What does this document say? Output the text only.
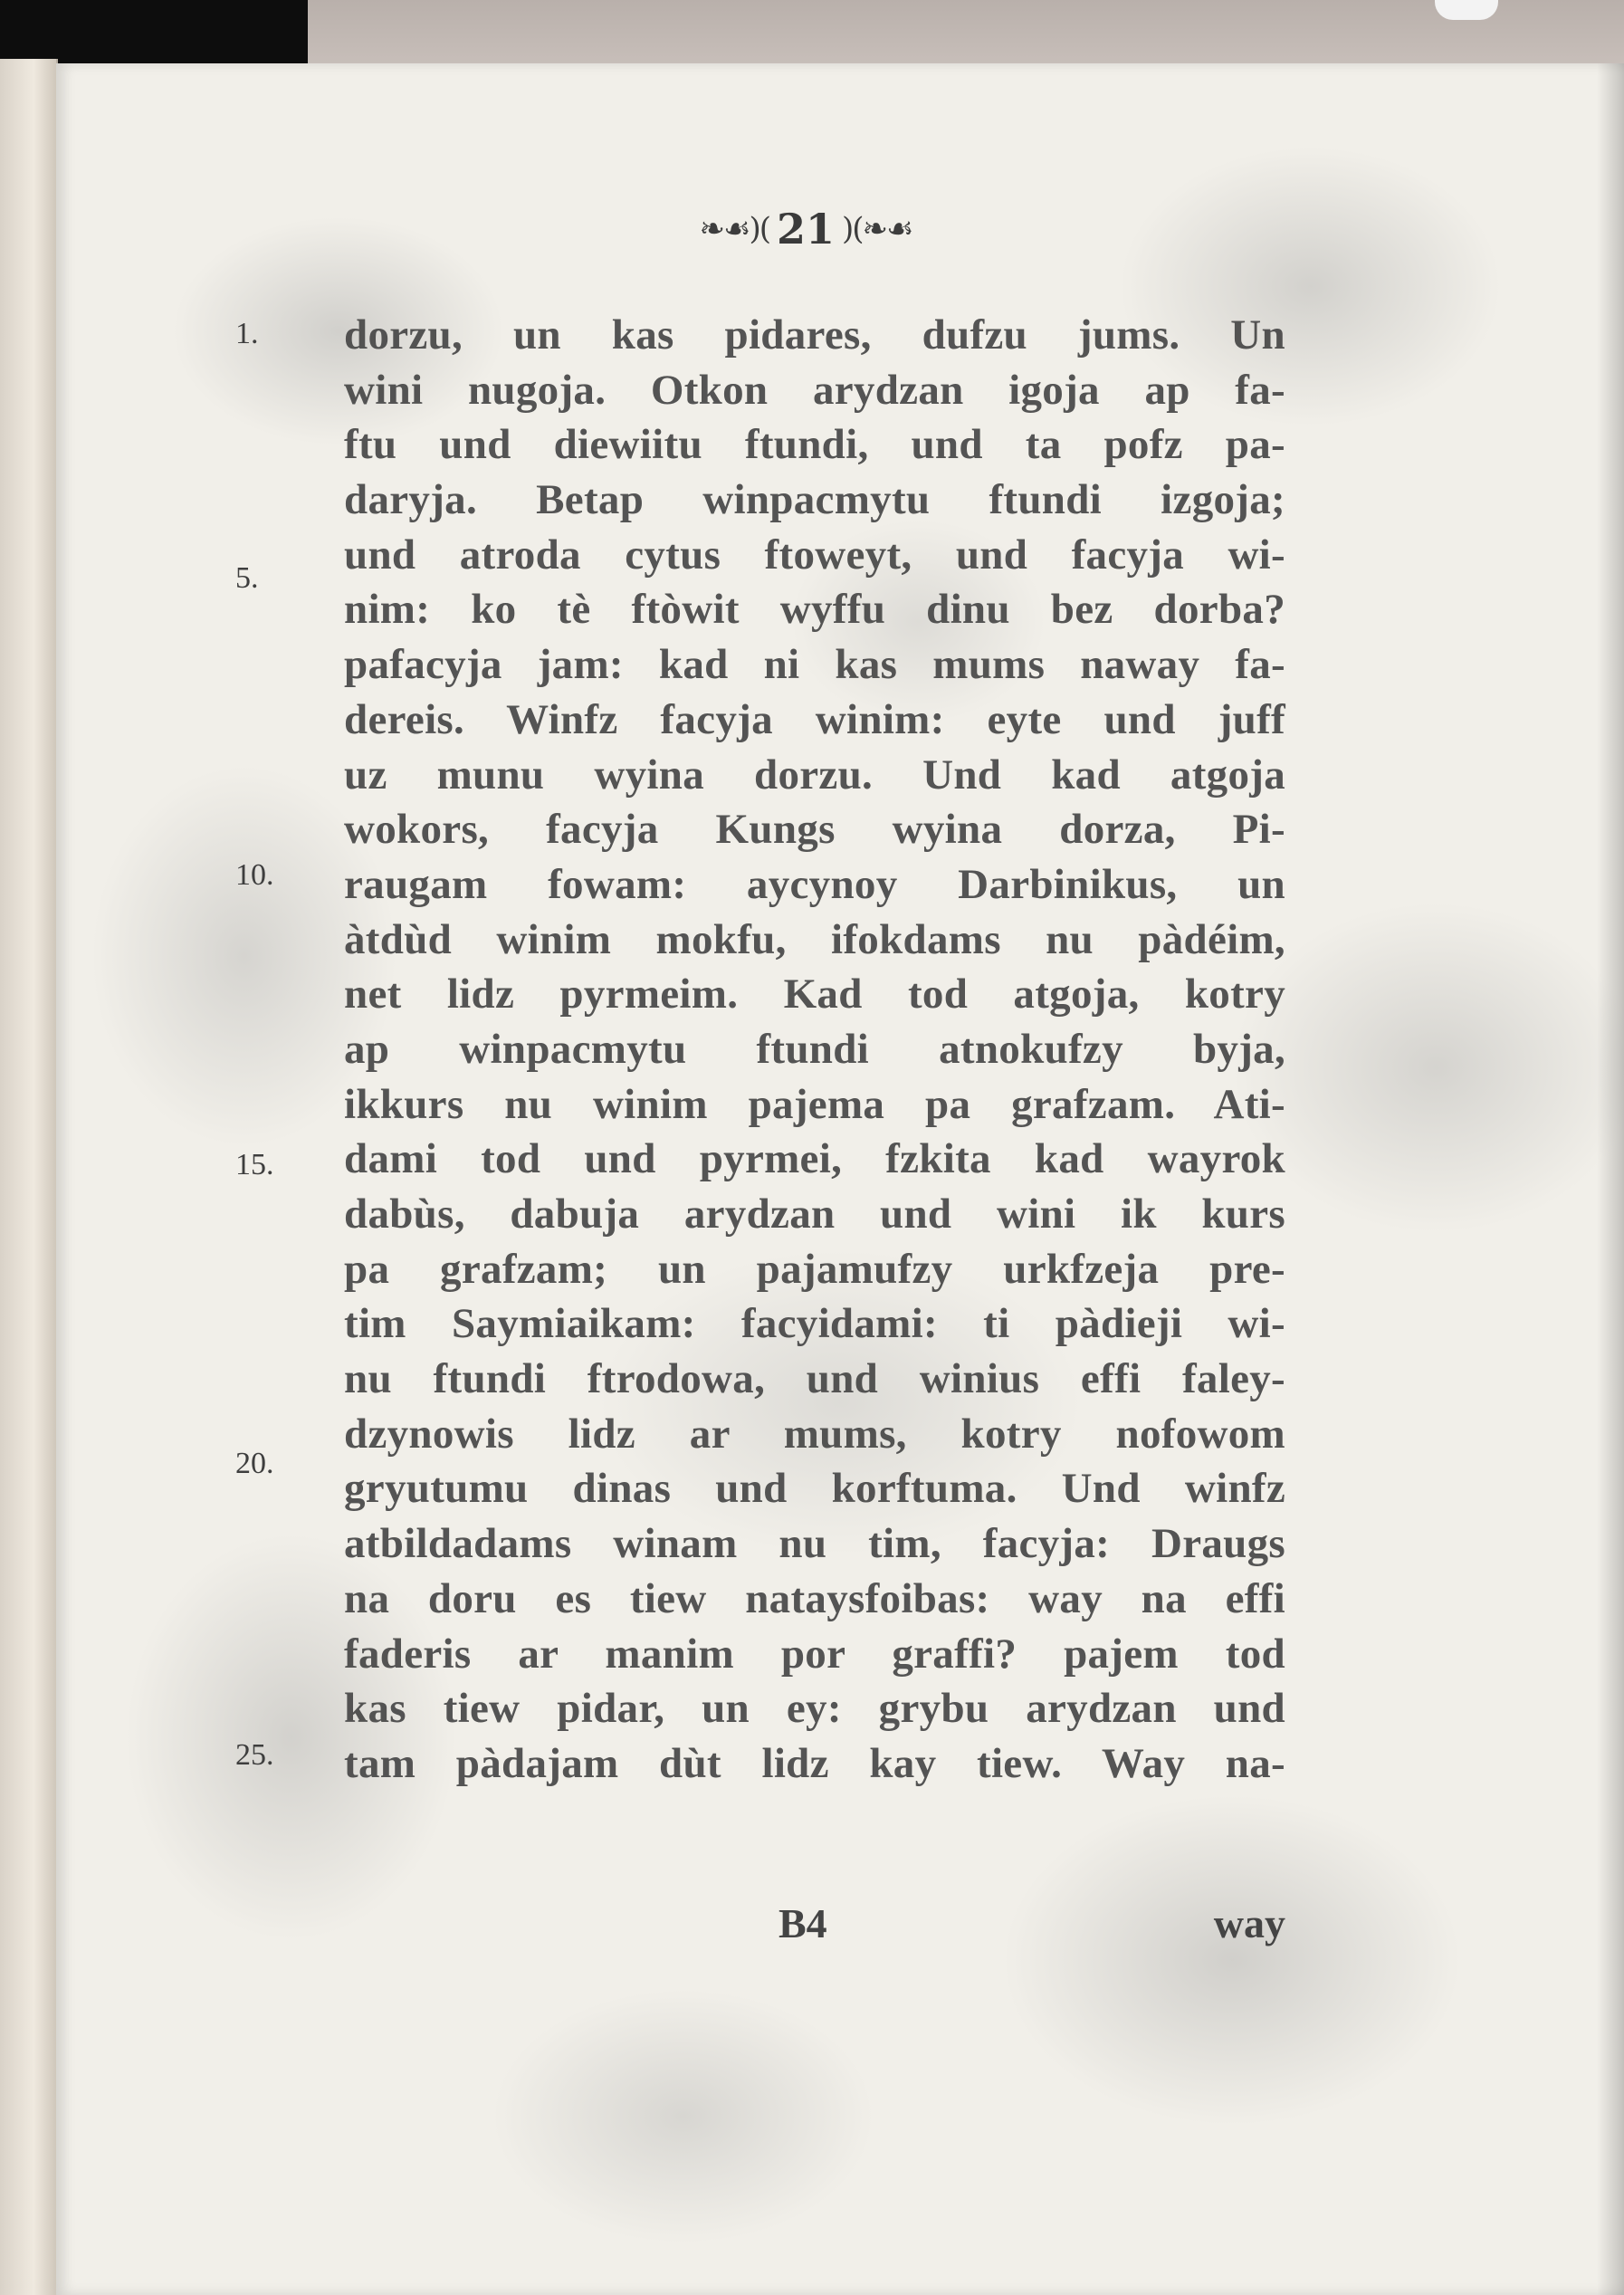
❧☙)( 21 )(❧☙
1.
5.
10.
15.
20.
25.
dorzu, un kas pidares, dufzu jums. Un
wini nugoja. Otkon arydzan igoja ap fa-
ftu und diewiitu ftundi, und ta pofz pa-
daryja. Betap winpacmytu ftundi izgoja;
und atroda cytus ftoweyt, und facyja wi-
nim: ko tè ftòwit wyffu dinu bez dorba?
pafacyja jam: kad ni kas mums naway fa-
dereis. Winfz facyja winim: eyte und juff
uz munu wyina dorzu. Und kad atgoja
wokors, facyja Kungs wyina dorza, Pi-
raugam fowam: aycynoy Darbinikus, un
àtdùd winim mokfu, ifokdams nu pàdéim,
net lidz pyrmeim. Kad tod atgoja, kotry
ap winpacmytu ftundi atnokufzy byja,
ikkurs nu winim pajema pa grafzam. Ati-
dami tod und pyrmei, fzkita kad wayrok
dabùs, dabuja arydzan und wini ik kurs
pa grafzam; un pajamufzy urkfzeja pre-
tim Saymiaikam: facyidami: ti pàdieji wi-
nu ftundi ftrodowa, und winius effi faley-
dzynowis lidz ar mums, kotry nofowom
gryutumu dinas und korftuma. Und winfz
atbildadams winam nu tim, facyja: Draugs
na doru es tiew nataysfoibas: way na effi
faderis ar manim por graffi? pajem tod
kas tiew pidar, un ey: grybu arydzan und
tam pàdajam dùt lidz kay tiew. Way na-
B4	way
